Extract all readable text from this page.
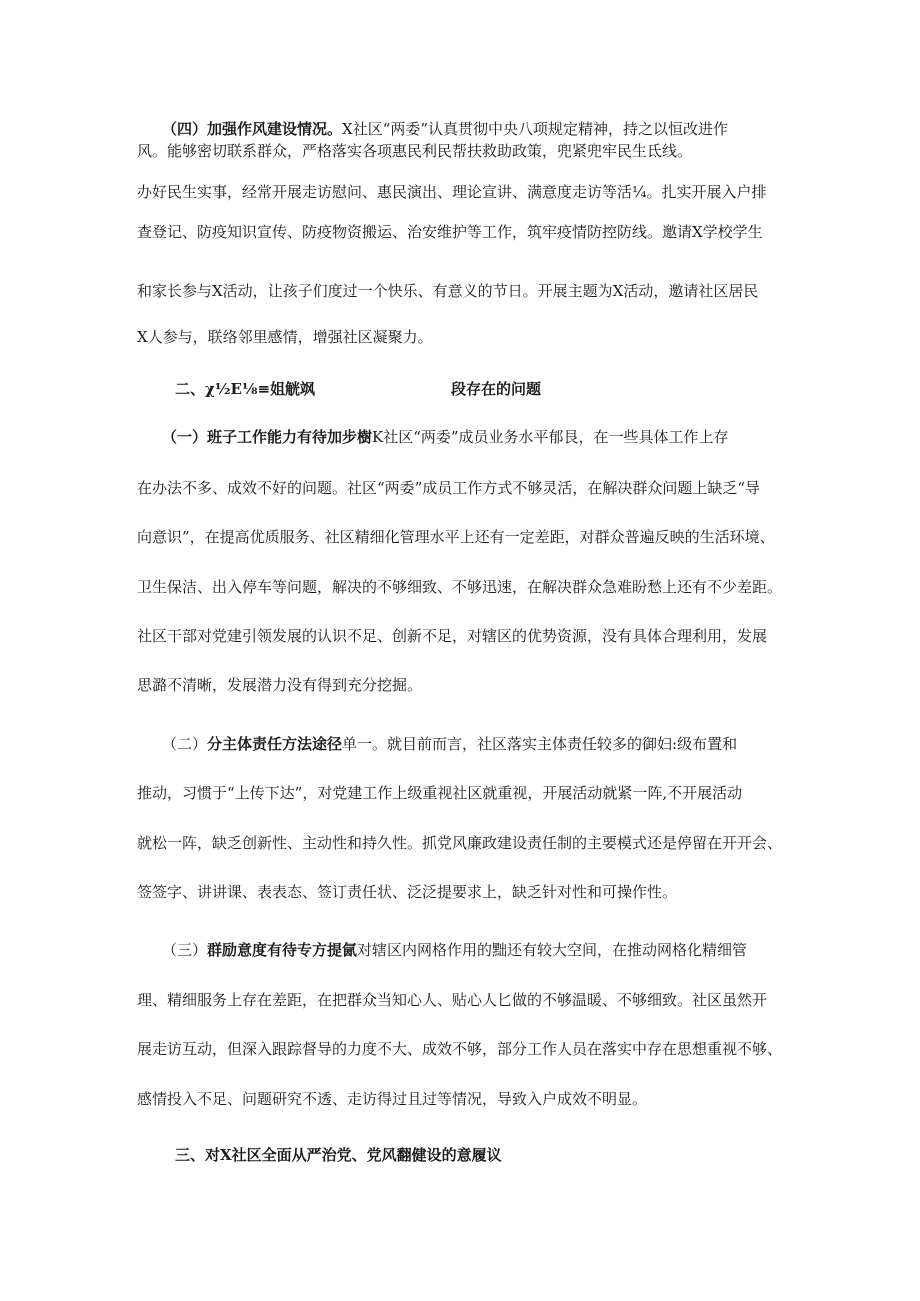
（四）加强作风建设情况。X社区“两委”认真贯彻中央八项规定精神，持之以恒改进作
风。能够密切联系群众，严格落实各项惠民利民帮扶救助政策，兜紧兜牢民生氐线。
办好民生实事，经常开展走访慰问、惠民演出、理论宣讲、满意度走访等活¼。扎实开展入户排
查登记、防疫知识宣传、防疫物资搬运、治安维护等工作，筑牢疫情防控防线。邀请X学校学生
和家长参与X活动，让孩子们度过一个快乐、有意义的节日。开展主题为X活动，邀请社区居民
X人参与，联络邻里感情，增强社区凝聚力。
二、χ½E⅛≡姐觥飒	段存在的问题
（一）班子工作能力有待加步樹K社区“两委”成员业务水平郁艮，在一些具体工作上存
在办法不多、成效不好的问题。社区“两委”成员工作方式不够灵活，在解决群众问题上缺乏“导
向意识”，在提高优质服务、社区精细化管理水平上还有一定差距，对群众普遍反映的生活环境、
卫生保洁、出入停车等问题，解决的不够细致、不够迅速，在解决群众急难盼愁上还有不少差距。
社区干部对党建引领发展的认识不足、创新不足，对辖区的优势资源，没有具体合理利用，发展
思潞不清晰，发展潜力没有得到充分挖掘。
（二）分主体责任方法途径单一。就目前而言，社区落实主体责任较多的御妇:级布置和
推动，习惯于“上传下达”，对党建工作上级重视社区就重视，开展活动就紧一阵,不开展活动
就松一阵，缺乏创新性、主动性和持久性。抓党风廉政建设责任制的主要模式还是停留在开开会、
签签字、讲讲课、表表态、签订责任状、泛泛提要求上，缺乏针对性和可操作性。
（三）群励意度有待专方提氤对辖区内网格作用的黜还有较大空间，在推动网格化精细管
理、精细服务上存在差距，在把群众当知心人、贴心人匕做的不够温暖、不够细致。社区虽然开
展走访互动，但深入跟踪督导的力度不大、成效不够，部分工作人员在落实中存在思想重视不够、
感情投入不足、问题研究不透、走访得过且过等情况，导致入户成效不明显。
三、对X社区全面从严治党、党风翻健设的意履议
